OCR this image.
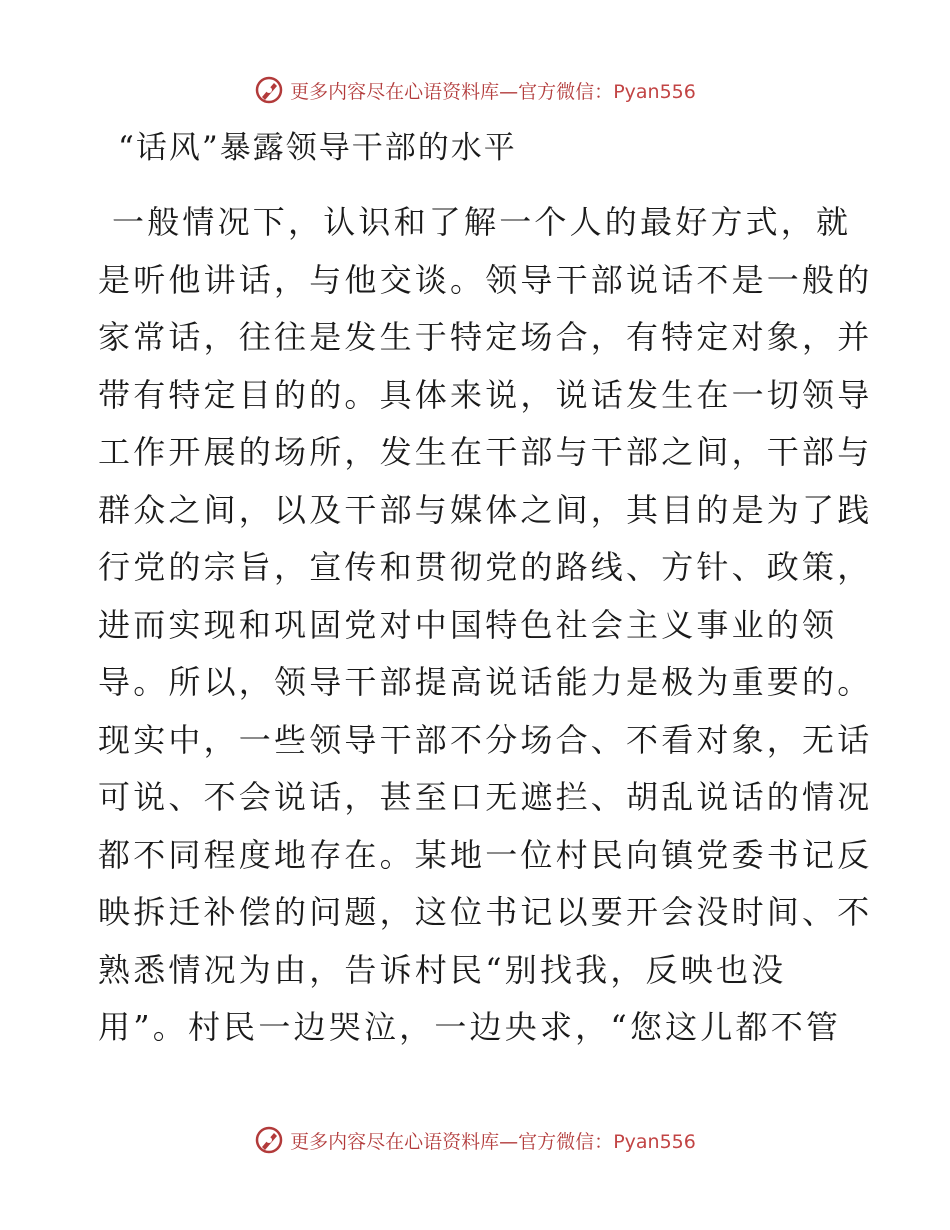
更多内容尽在心语资料库—官方微信：Pyan556
“话风”暴露领导干部的水平
一般情况下，认识和了解一个人的最好方式，就
是听他讲话，与他交谈。领导干部说话不是一般的
家常话，往往是发生于特定场合，有特定对象，并
带有特定目的的。具体来说，说话发生在一切领导
工作开展的场所，发生在干部与干部之间，干部与
群众之间，以及干部与媒体之间，其目的是为了践
行党的宗旨，宣传和贯彻党的路线、方针、政策，
进而实现和巩固党对中国特色社会主义事业的领
导。所以，领导干部提高说话能力是极为重要的。
现实中，一些领导干部不分场合、不看对象，无话
可说、不会说话，甚至口无遮拦、胡乱说话的情况
都不同程度地存在。某地一位村民向镇党委书记反
映拆迁补偿的问题，这位书记以要开会没时间、不
熟悉情况为由，告诉村民“别找我，反映也没
用”。村民一边哭泣，一边央求，“您这儿都不管
更多内容尽在心语资料库—官方微信：Pyan556
